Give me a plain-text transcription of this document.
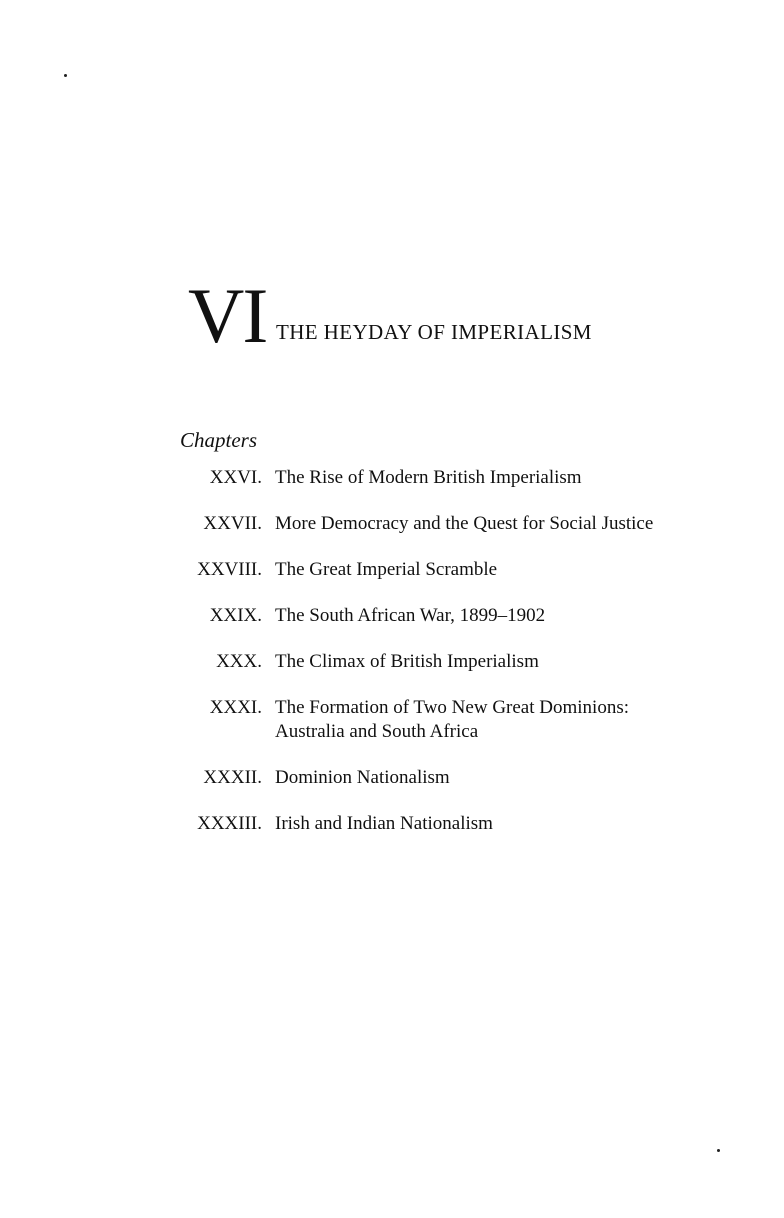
VI THE HEYDAY OF IMPERIALISM
Chapters
XXVI. The Rise of Modern British Imperialism
XXVII. More Democracy and the Quest for Social Justice
XXVIII. The Great Imperial Scramble
XXIX. The South African War, 1899–1902
XXX. The Climax of British Imperialism
XXXI. The Formation of Two New Great Dominions: Australia and South Africa
XXXII. Dominion Nationalism
XXXIII. Irish and Indian Nationalism
